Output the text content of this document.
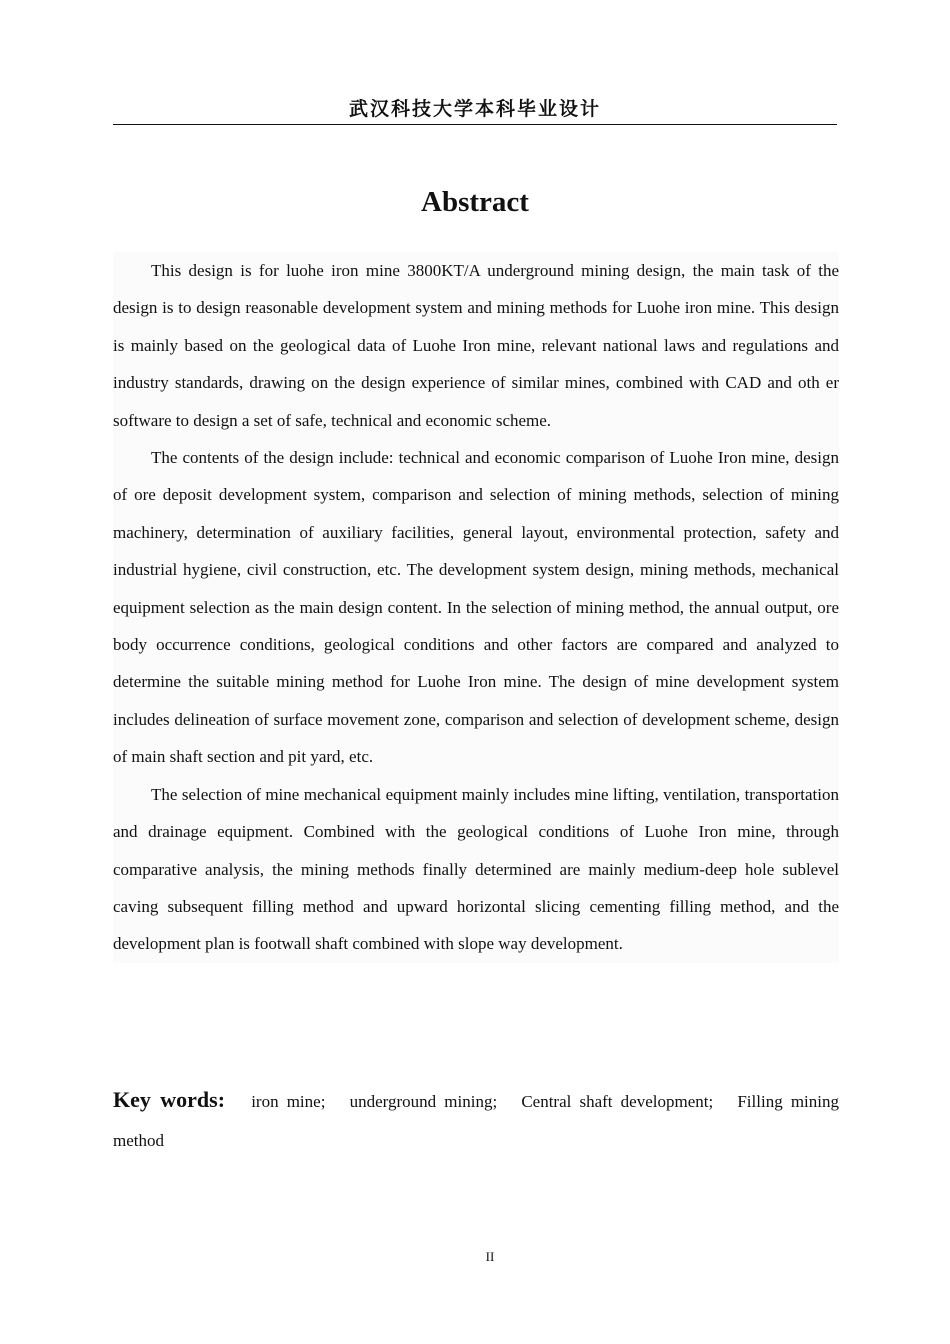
武汉科技大学本科毕业设计
Abstract

This design is for luohe iron mine 3800KT/A underground mining design, the main task of the design is to design reasonable development system and mining methods for Luohe iron mine. This design is mainly based on the geological data of Luohe Iron mine, relevant national laws and regulations and industry standards, drawing on the design experience of similar mines, combined with CAD and oth er software to design a set of safe, technical and economic scheme.

The contents of the design include: technical and economic comparison of Luohe Iron mine, design of ore deposit development system, comparison and selection of mining methods, selection of mining machinery, determination of auxiliary facilities, general layout, environmental protection, safety and industrial hygiene, civil construction, etc. The development system design, mining methods, mechanical equipment selection as the main design content. In the selection of mining method, the annual output, ore body occurrence conditions, geological conditions and other factors are compared and analyzed to determine the suitable mining method for Luohe Iron mine. The design of mine development system includes delineation of surface movement zone, comparison and selection of development scheme, design of main shaft section and pit yard, etc.

The selection of mine mechanical equipment mainly includes mine lifting, ventilation, transportation and drainage equipment. Combined with the geological conditions of Luohe Iron mine, through comparative analysis, the mining methods finally determined are mainly medium-deep hole sublevel caving subsequent filling method and upward horizontal slicing cementing filling method, and the development plan is footwall shaft combined with slope way development.

Key words: iron mine; underground mining; Central shaft development; Filling mining method

II
